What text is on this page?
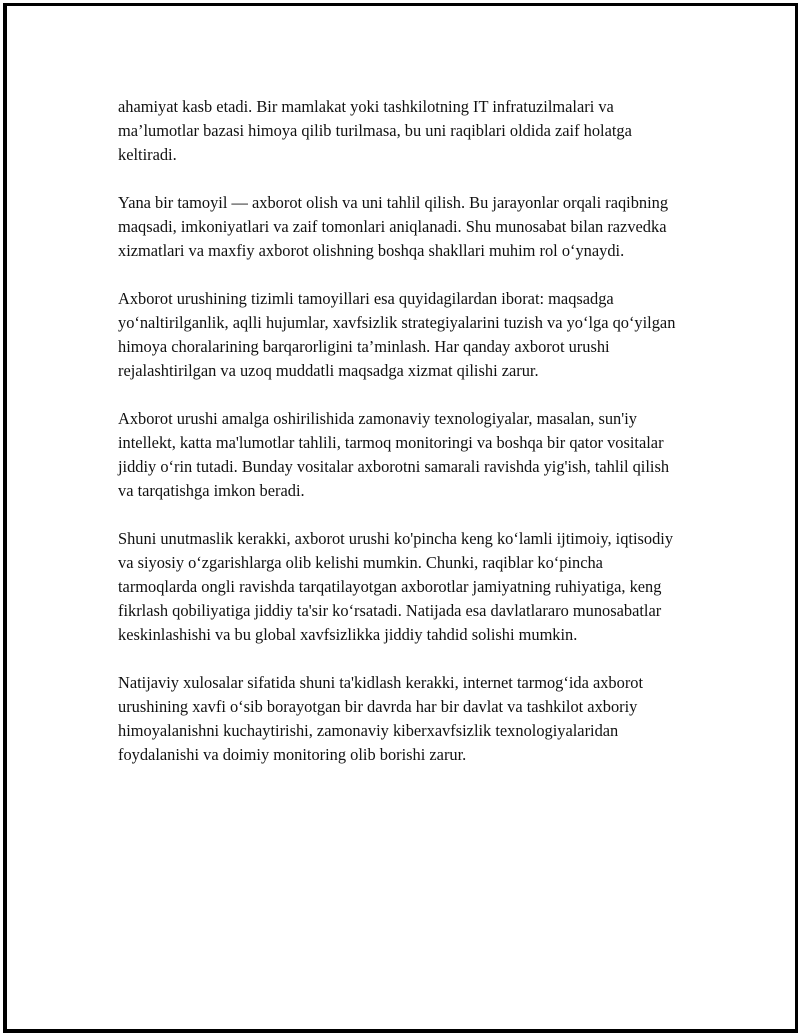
ahamiyat kasb etadi. Bir mamlakat yoki tashkilotning IT infratuzilmalari va ma’lumotlar bazasi himoya qilib turilmasa, bu uni raqiblari oldida zaif holatga keltiradi.

Yana bir tamoyil — axborot olish va uni tahlil qilish. Bu jarayonlar orqali raqibning maqsadi, imkoniyatlari va zaif tomonlari aniqlanadi. Shu munosabat bilan razvedka xizmatlari va maxfiy axborot olishning boshqa shakllari muhim rol o‘ynaydi.

Axborot urushining tizimli tamoyillari esa quyidagilardan iborat: maqsadga yo‘naltirilganlik, aqlli hujumlar, xavfsizlik strategiyalarini tuzish va yo‘lga qo‘yilgan himoya choralarining barqarorligini ta’minlash. Har qanday axborot urushi rejalashtirilgan va uzoq muddatli maqsadga xizmat qilishi zarur.

Axborot urushi amalga oshirilishida zamonaviy texnologiyalar, masalan, sun'iy intellekt, katta ma'lumotlar tahlili, tarmoq monitoringi va boshqa bir qator vositalar jiddiy o‘rin tutadi. Bunday vositalar axborotni samarali ravishda yig'ish, tahlil qilish va tarqatishga imkon beradi.

Shuni unutmaslik kerakki, axborot urushi ko'pincha keng ko‘lamli ijtimoiy, iqtisodiy va siyosiy o‘zgarishlarga olib kelishi mumkin. Chunki, raqiblar ko‘pincha tarmoqlarda ongli ravishda tarqatilayotgan axborotlar jamiyatning ruhiyatiga, keng fikrlash qobiliyatiga jiddiy ta'sir ko‘rsatadi. Natijada esa davlatlararo munosabatlar keskinlashishi va bu global xavfsizlikka jiddiy tahdid solishi mumkin.

Natijaviy xulosalar sifatida shuni ta'kidlash kerakki, internet tarmog‘ida axborot urushining xavfi o‘sib borayotgan bir davrda har bir davlat va tashkilot axboriy himoyalanishni kuchaytirishi, zamonaviy kiberxavfsizlik texnologiyalaridan foydalanishi va doimiy monitoring olib borishi zarur.
